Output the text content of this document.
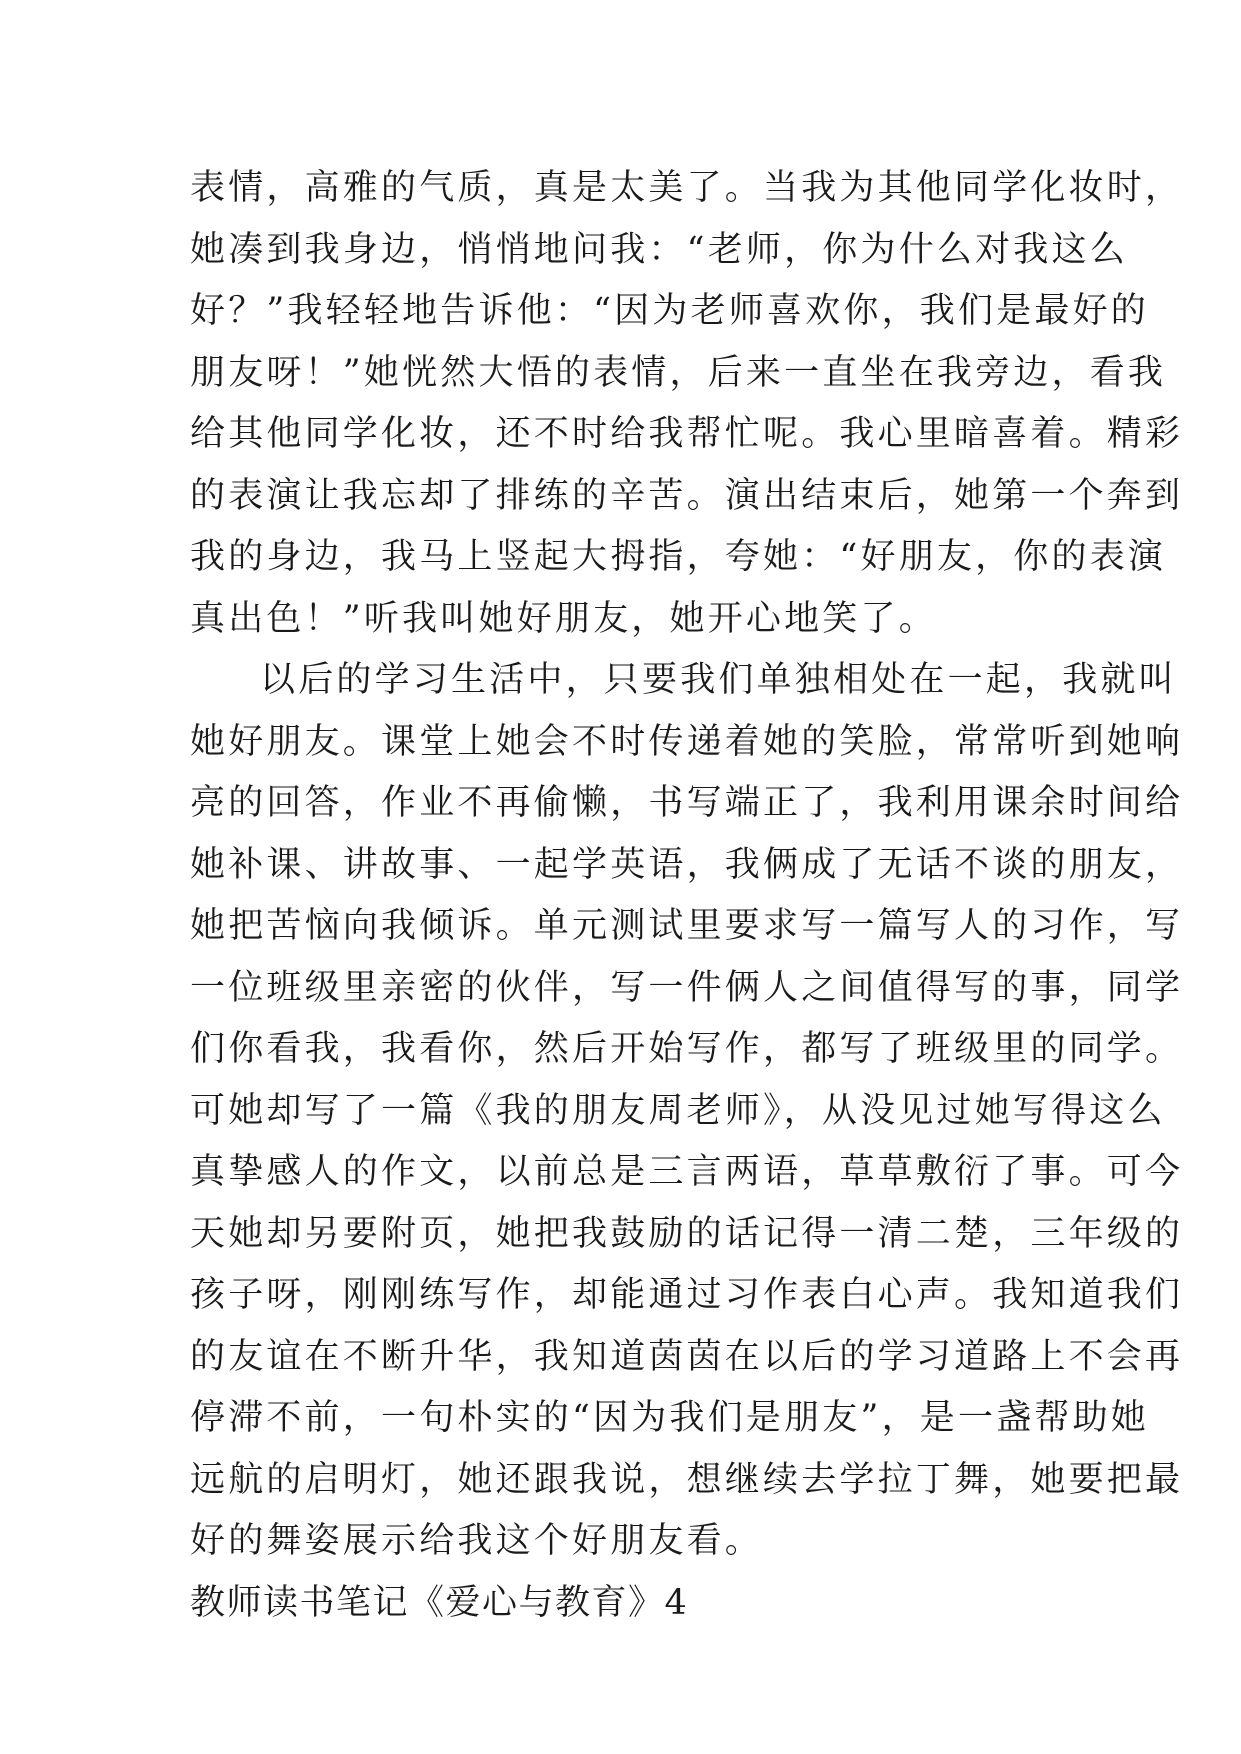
表情，高雅的气质，真是太美了。当我为其他同学化妆时，
她凑到我身边，悄悄地问我：“老师，你为什么对我这么
好？”我轻轻地告诉他：“因为老师喜欢你，我们是最好的
朋友呀！”她恍然大悟的表情，后来一直坐在我旁边，看我
给其他同学化妆，还不时给我帮忙呢。我心里暗喜着。精彩
的表演让我忘却了排练的辛苦。演出结束后，她第一个奔到
我的身边，我马上竖起大拇指，夸她：“好朋友，你的表演
真出色！”听我叫她好朋友，她开心地笑了。
以后的学习生活中，只要我们单独相处在一起，我就叫
她好朋友。课堂上她会不时传递着她的笑脸，常常听到她响
亮的回答，作业不再偷懒，书写端正了，我利用课余时间给
她补课、讲故事、一起学英语，我俩成了无话不谈的朋友，
她把苦恼向我倾诉。单元测试里要求写一篇写人的习作，写
一位班级里亲密的伙伴，写一件俩人之间值得写的事，同学
们你看我，我看你，然后开始写作，都写了班级里的同学。
可她却写了一篇《我的朋友周老师》，从没见过她写得这么
真挚感人的作文，以前总是三言两语，草草敷衍了事。可今
天她却另要附页，她把我鼓励的话记得一清二楚，三年级的
孩子呀，刚刚练写作，却能通过习作表白心声。我知道我们
的友谊在不断升华，我知道茵茵在以后的学习道路上不会再
停滞不前，一句朴实的“因为我们是朋友”，是一盏帮助她
远航的启明灯，她还跟我说，想继续去学拉丁舞，她要把最
好的舞姿展示给我这个好朋友看。
教师读书笔记《爱心与教育》4
